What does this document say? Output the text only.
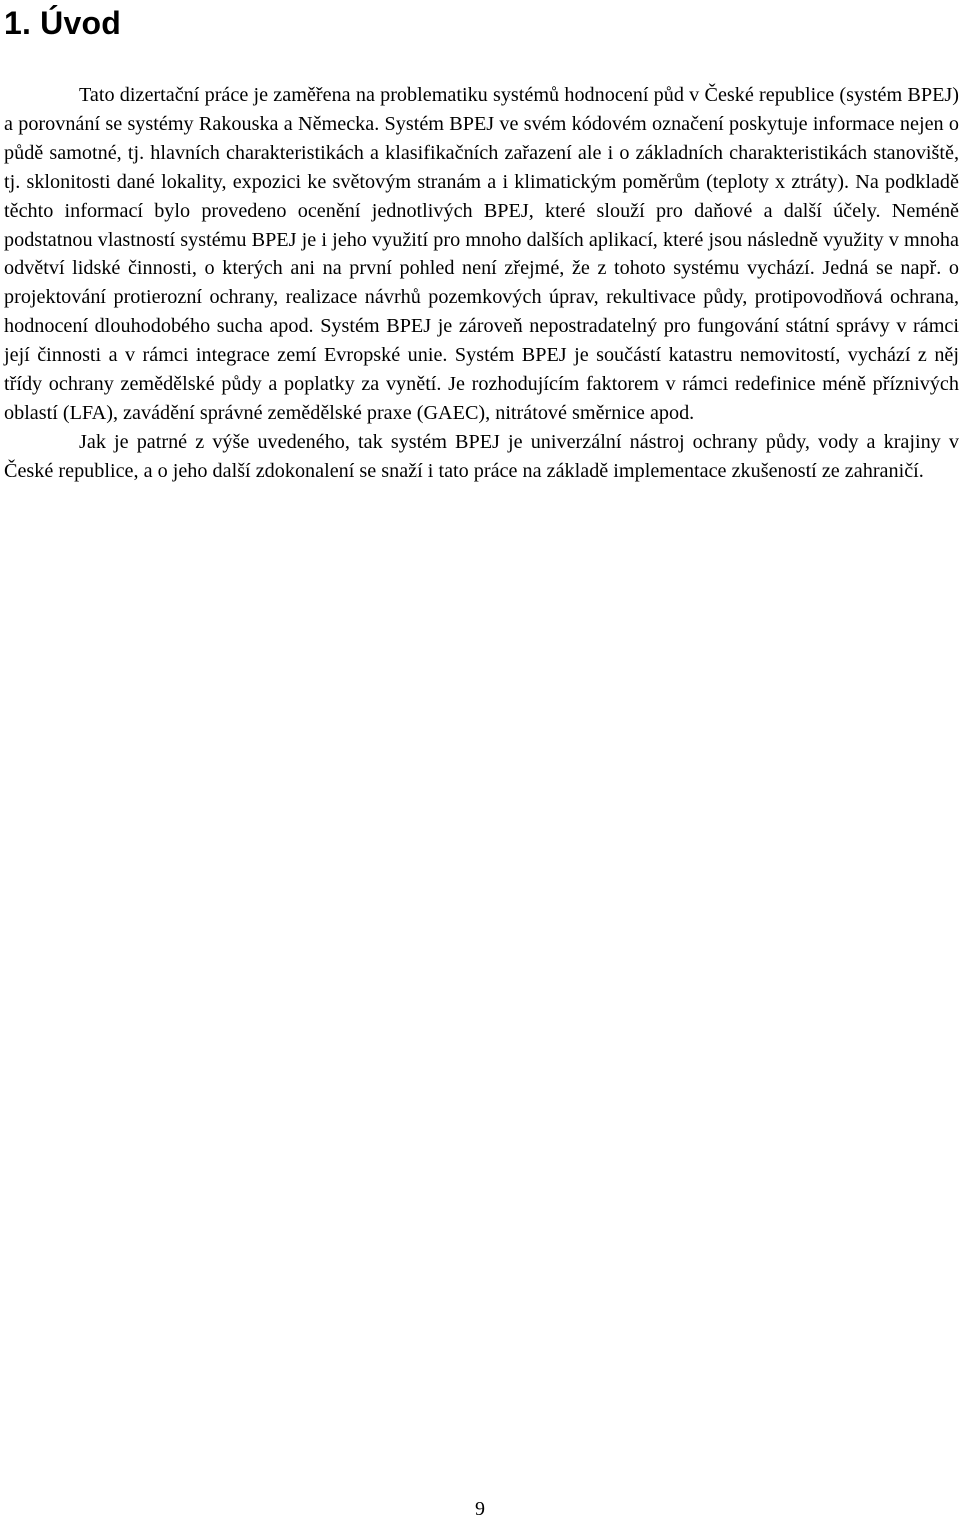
1. Úvod

Tato dizertační práce je zaměřena na problematiku systémů hodnocení půd v České republice (systém BPEJ) a porovnání se systémy Rakouska a Německa. Systém BPEJ ve svém kódovém označení poskytuje informace nejen o půdě samotné, tj. hlavních charakteristikách a klasifikačních zařazení ale i o základních charakteristikách stanoviště, tj. sklonitosti dané lokality, expozici ke světovým stranám a i klimatickým poměrům (teploty x ztráty). Na podkladě těchto informací bylo provedeno ocenění jednotlivých BPEJ, které slouží pro daňové a další účely. Neméně podstatnou vlastností systému BPEJ je i jeho využití pro mnoho dalších aplikací, které jsou následně využity v mnoha odvětví lidské činnosti, o kterých ani na první pohled není zřejmé, že z tohoto systému vychází. Jedná se např. o projektování protierozní ochrany, realizace návrhů pozemkových úprav, rekultivace půdy, protipovodňová ochrana, hodnocení dlouhodobého sucha apod. Systém BPEJ je zároveň nepostradatelný pro fungování státní správy v rámci její činnosti a v rámci integrace zemí Evropské unie. Systém BPEJ je součástí katastru nemovitostí, vychází z něj třídy ochrany zemědělské půdy a poplatky za vynětí. Je rozhodujícím faktorem v rámci redefinice méně příznivých oblastí (LFA), zavádění správné zemědělské praxe (GAEC), nitrátové směrnice apod.

Jak je patrné z výše uvedeného, tak systém BPEJ je univerzální nástroj ochrany půdy, vody a krajiny v České republice, a o jeho další zdokonalení se snaží i tato práce na základě implementace zkušeností ze zahraničí.

9
